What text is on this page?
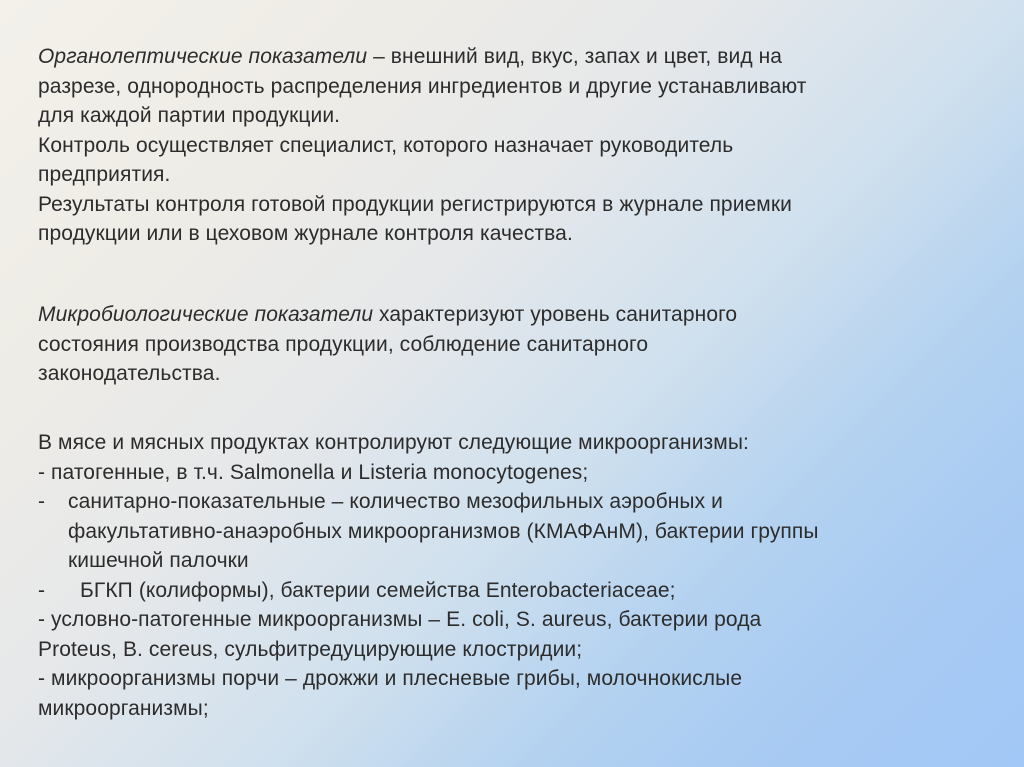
Органолептические показатели – внешний вид, вкус, запах и цвет, вид на
разрезе, однородность распределения ингредиентов и другие устанавливают
для каждой партии продукции.
Контроль осуществляет специалист, которого назначает руководитель
предприятия.
Результаты контроля готовой продукции регистрируются в журнале приемки
продукции или в цеховом журнале контроля качества.
Микробиологические показатели характеризуют уровень санитарного
состояния производства продукции, соблюдение санитарного
законодательства.
В мясе и мясных продуктах контролируют следующие микроорганизмы:
- патогенные, в т.ч. Salmonella и Listeria monocytogenes;
-	санитарно-показательные – количество мезофильных аэробных и
факультативно-анаэробных микроорганизмов (КМАФАнМ), бактерии группы
кишечной палочки
-	БГКП (колиформы), бактерии семейства Enterobacteriaceae;
- условно-патогенные микроорганизмы – E. coli, S. aureus, бактерии рода
Proteus, B. cereus, сульфитредуцирующие клостридии;
- микроорганизмы порчи – дрожжи и плесневые грибы, молочнокислые
микроорганизмы;
